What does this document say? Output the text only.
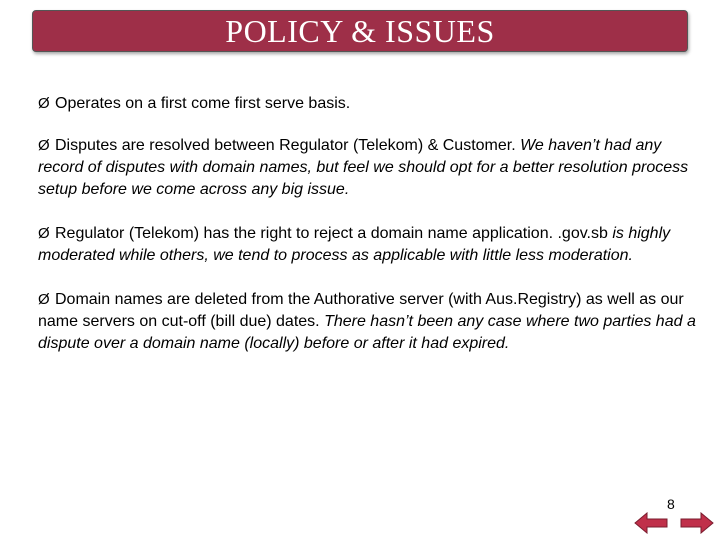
POLICY & ISSUES

Ø Operates on a first come first serve basis.

Ø Disputes are resolved between Regulator (Telekom) & Customer. We haven’t had any record of disputes with domain names, but feel we should opt for a better resolution process setup before we come across any big issue.

Ø Regulator (Telekom) has the right to reject a domain name application. .gov.sb is highly moderated while others, we tend to process as applicable with little less moderation.

Ø Domain names are deleted from the Authorative server (with Aus.Registry) as well as our name servers on cut-off (bill due) dates. There hasn’t been any case where two parties had a dispute over a domain name (locally) before or after it had expired.

8
